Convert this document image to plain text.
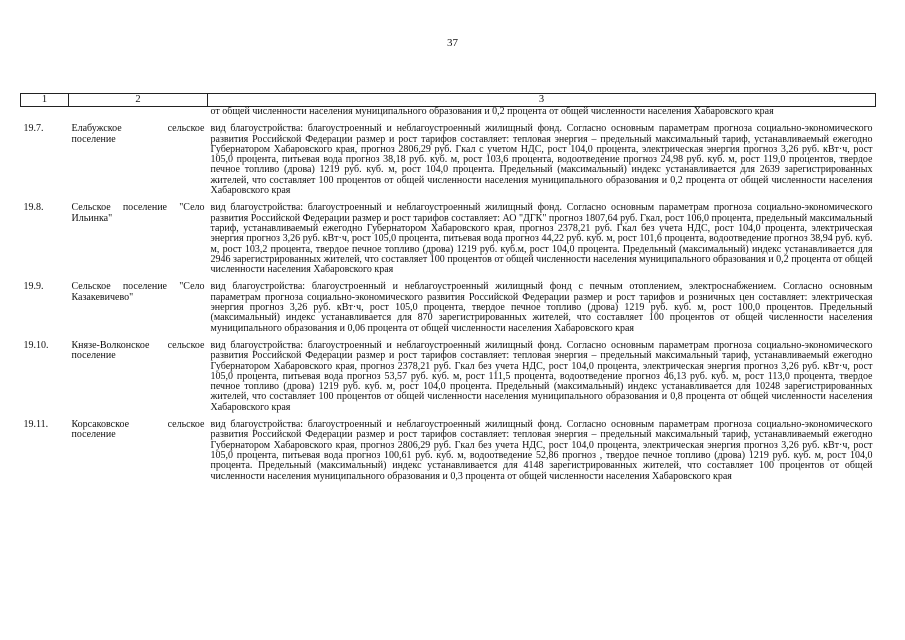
37
1	2	3
		от общей численности населения муниципального образования и 0,2 процента от общей численности населения Хабаровского края
19.7.	Елабужское сельское поселение	вид благоустройства: благоустроенный и неблагоустроенный жилищный фонд. Согласно основным параметрам прогноза социально-экономического развития Российской Федерации размер и рост тарифов составляет: тепловая энергия – предельный максимальный тариф, устанавливаемый ежегодно Губернатором Хабаровского края, прогноз 2806,29 руб. Гкал с учетом НДС, рост 104,0 процента, электрическая энергия прогноз 3,26 руб. кВт·ч, рост 105,0 процента, питьевая вода прогноз 38,18 руб. куб. м, рост 103,6 процента, водоотведение прогноз 24,98 руб. куб. м, рост 119,0 процентов, твердое печное топливо (дрова) 1219 руб. куб. м, рост 104,0 процента. Предельный (максимальный) индекс устанавливается для 2639 зарегистрированных жителей, что составляет 100 процентов от общей численности населения муниципального образования и 0,2 процента от общей численности населения Хабаровского края
19.8.	Сельское поселение "Село Ильинка"	вид благоустройства: благоустроенный и неблагоустроенный жилищный фонд. Согласно основным параметрам прогноза социально-экономического развития Российской Федерации размер и рост тарифов составляет: АО "ДГК" прогноз 1807,64 руб. Гкал, рост 106,0 процента, предельный максимальный тариф, устанавливаемый ежегодно Губернатором Хабаровского края, прогноз 2378,21 руб. Гкал без учета НДС, рост 104,0 процента, электрическая энергия прогноз 3,26 руб. кВт·ч, рост 105,0 процента, питьевая вода прогноз 44,22 руб. куб. м, рост 101,6 процента, водоотведение прогноз 38,94 руб. куб. м, рост 103,2 процента, твердое печное топливо (дрова) 1219 руб. куб.м, рост 104,0 процента. Предельный (максимальный) индекс устанавливается для 2946 зарегистрированных жителей, что составляет 100 процентов от общей численности населения муниципального образования и 0,2 процента от общей численности населения Хабаровского края
19.9.	Сельское поселение "Село Казакевичево"	вид благоустройства: благоустроенный и неблагоустроенный жилищный фонд с печным отоплением, электроснабжением. Согласно основным параметрам прогноза социально-экономического развития Российской Федерации размер и рост тарифов и розничных цен составляет: электрическая энергия прогноз 3,26 руб. кВт·ч, рост 105,0 процента, твердое печное топливо (дрова) 1219 руб. куб. м, рост 100,0 процентов. Предельный (максимальный) индекс устанавливается для 870 зарегистрированных жителей, что составляет 100 процентов от общей численности населения муниципального образования и 0,06 процента от общей численности населения Хабаровского края
19.10.	Князе-Волконское сельское поселение	вид благоустройства: благоустроенный и неблагоустроенный жилищный фонд. Согласно основным параметрам прогноза социально-экономического развития Российской Федерации размер и рост тарифов составляет: тепловая энергия – предельный максимальный тариф, устанавливаемый ежегодно Губернатором Хабаровского края, прогноз 2378,21 руб. Гкал без учета НДС, рост 104,0 процента, электрическая энергия прогноз 3,26 руб. кВт·ч, рост 105,0 процента, питьевая вода прогноз 53,57 руб. куб. м, рост 111,5 процента, водоотведение прогноз 46,13 руб. куб. м, рост 113,0 процента, твердое печное топливо (дрова) 1219 руб. куб. м, рост 104,0 процента. Предельный (максимальный) индекс устанавливается для 10248 зарегистрированных жителей, что составляет 100 процентов от общей численности населения муниципального образования и 0,8 процента от общей численности населения Хабаровского края
19.11.	Корсаковское сельское поселение	вид благоустройства: благоустроенный и неблагоустроенный жилищный фонд. Согласно основным параметрам прогноза социально-экономического развития Российской Федерации размер и рост тарифов составляет: тепловая энергия – предельный максимальный тариф, устанавливаемый ежегодно Губернатором Хабаровского края, прогноз 2806,29 руб. Гкал без учета НДС, рост 104,0 процента, электрическая энергия прогноз 3,26 руб. кВт·ч, рост 105,0 процента, питьевая вода прогноз 100,61 руб. куб. м, водоотведение 52,86 прогноз , твердое печное топливо (дрова) 1219 руб. куб. м, рост 104,0 процента. Предельный (максимальный) индекс устанавливается для 4148 зарегистрированных жителей, что составляет 100 процентов от общей численности населения муниципального образования и 0,3 процента от общей численности населения Хабаровского края
